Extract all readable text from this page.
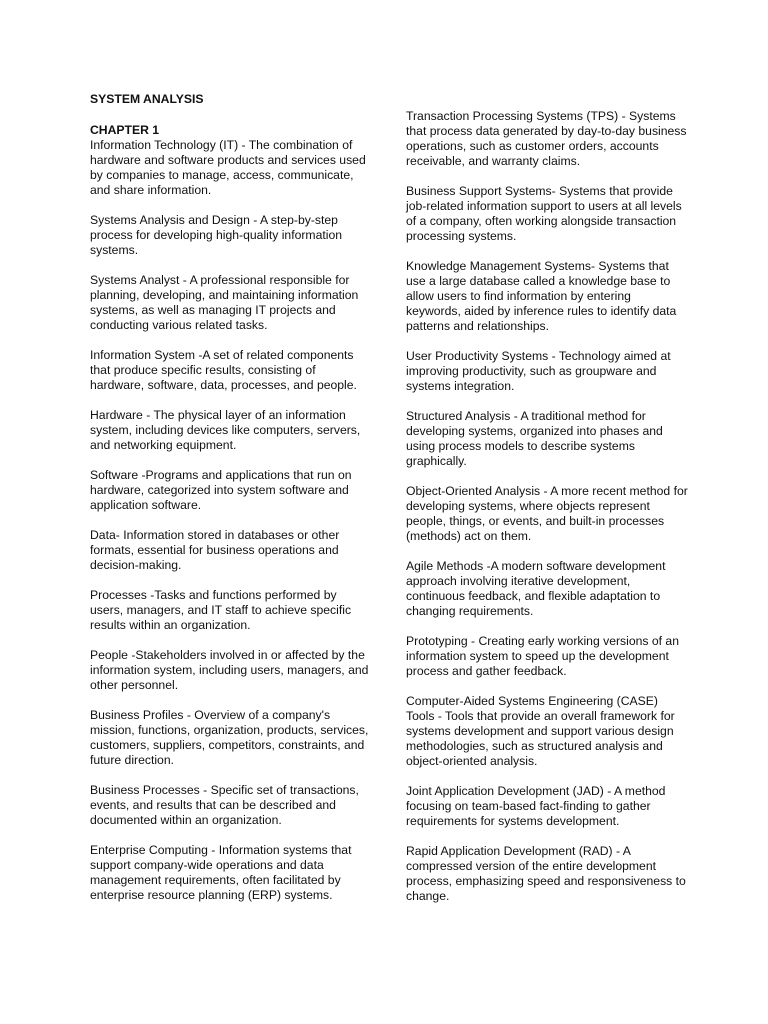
SYSTEM ANALYSIS

CHAPTER 1

Information Technology (IT) - The combination of hardware and software products and services used by companies to manage, access, communicate, and share information.

Systems Analysis and Design - A step-by-step process for developing high-quality information systems.

Systems Analyst - A professional responsible for planning, developing, and maintaining information systems, as well as managing IT projects and conducting various related tasks.

Information System -A set of related components that produce specific results, consisting of hardware, software, data, processes, and people.

Hardware - The physical layer of an information system, including devices like computers, servers, and networking equipment.

Software -Programs and applications that run on hardware, categorized into system software and application software.

Data- Information stored in databases or other formats, essential for business operations and decision-making.

Processes -Tasks and functions performed by users, managers, and IT staff to achieve specific results within an organization.

People -Stakeholders involved in or affected by the information system, including users, managers, and other personnel.

Business Profiles - Overview of a company's mission, functions, organization, products, services, customers, suppliers, competitors, constraints, and future direction.

Business Processes - Specific set of transactions, events, and results that can be described and documented within an organization.

Enterprise Computing - Information systems that support company-wide operations and data management requirements, often facilitated by enterprise resource planning (ERP) systems.

Transaction Processing Systems (TPS) - Systems that process data generated by day-to-day business operations, such as customer orders, accounts receivable, and warranty claims.

Business Support Systems- Systems that provide job-related information support to users at all levels of a company, often working alongside transaction processing systems.

Knowledge Management Systems- Systems that use a large database called a knowledge base to allow users to find information by entering keywords, aided by inference rules to identify data patterns and relationships.

User Productivity Systems - Technology aimed at improving productivity, such as groupware and systems integration.

Structured Analysis - A traditional method for developing systems, organized into phases and using process models to describe systems graphically.

Object-Oriented Analysis - A more recent method for developing systems, where objects represent people, things, or events, and built-in processes (methods) act on them.

Agile Methods -A modern software development approach involving iterative development, continuous feedback, and flexible adaptation to changing requirements.

Prototyping - Creating early working versions of an information system to speed up the development process and gather feedback.

Computer-Aided Systems Engineering (CASE) Tools - Tools that provide an overall framework for systems development and support various design methodologies, such as structured analysis and object-oriented analysis.

Joint Application Development (JAD) - A method focusing on team-based fact-finding to gather requirements for systems development.

Rapid Application Development (RAD) - A compressed version of the entire development process, emphasizing speed and responsiveness to change.
